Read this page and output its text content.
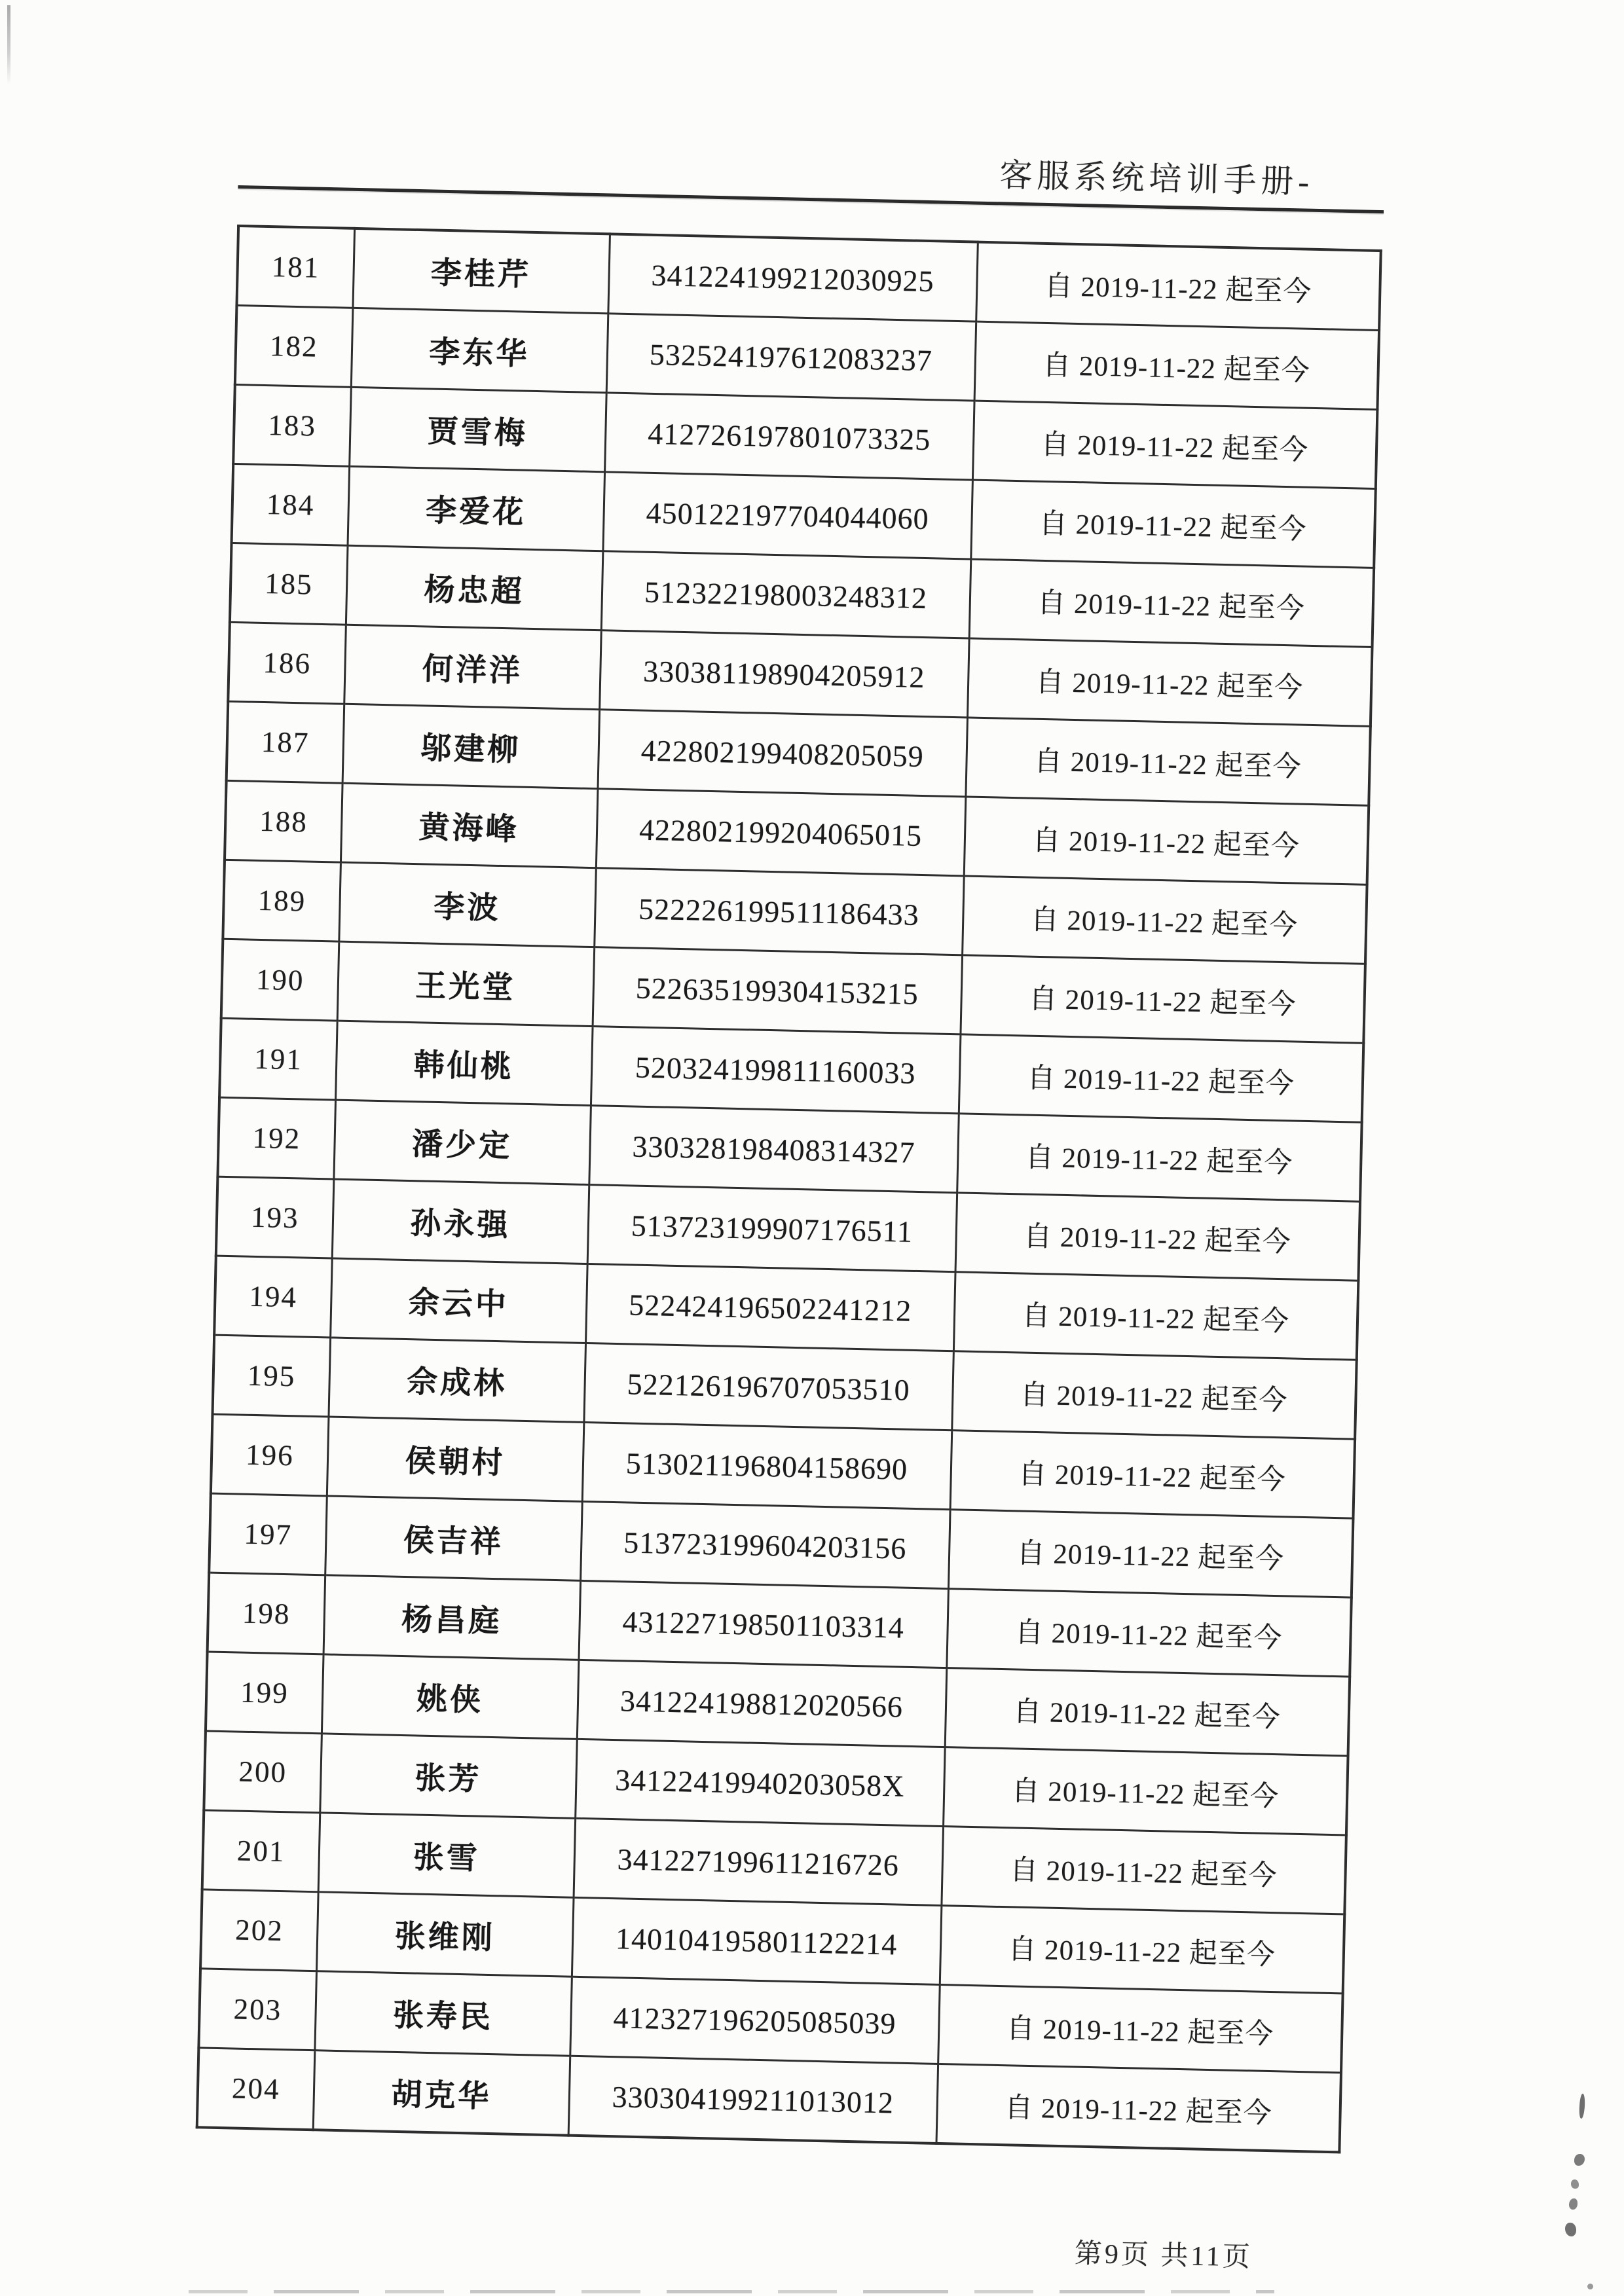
客服系统培训手册-
181	李桂芹	341224199212030925	自 2019-11-22 起至今
182	李东华	532524197612083237	自 2019-11-22 起至今
183	贾雪梅	412726197801073325	自 2019-11-22 起至今
184	李爱花	450122197704044060	自 2019-11-22 起至今
185	杨忠超	512322198003248312	自 2019-11-22 起至今
186	何洋洋	330381198904205912	自 2019-11-22 起至今
187	邬建柳	422802199408205059	自 2019-11-22 起至今
188	黄海峰	422802199204065015	自 2019-11-22 起至今
189	李波	522226199511186433	自 2019-11-22 起至今
190	王光堂	522635199304153215	自 2019-11-22 起至今
191	韩仙桃	520324199811160033	自 2019-11-22 起至今
192	潘少定	330328198408314327	自 2019-11-22 起至今
193	孙永强	513723199907176511	自 2019-11-22 起至今
194	余云中	522424196502241212	自 2019-11-22 起至今
195	佘成林	522126196707053510	自 2019-11-22 起至今
196	侯朝村	513021196804158690	自 2019-11-22 起至今
197	侯吉祥	513723199604203156	自 2019-11-22 起至今
198	杨昌庭	431227198501103314	自 2019-11-22 起至今
199	姚侠	341224198812020566	自 2019-11-22 起至今
200	张芳	34122419940203058X	自 2019-11-22 起至今
201	张雪	341227199611216726	自 2019-11-22 起至今
202	张维刚	140104195801122214	自 2019-11-22 起至今
203	张寿民	412327196205085039	自 2019-11-22 起至今
204	胡克华	330304199211013012	自 2019-11-22 起至今
第9页 共11页
